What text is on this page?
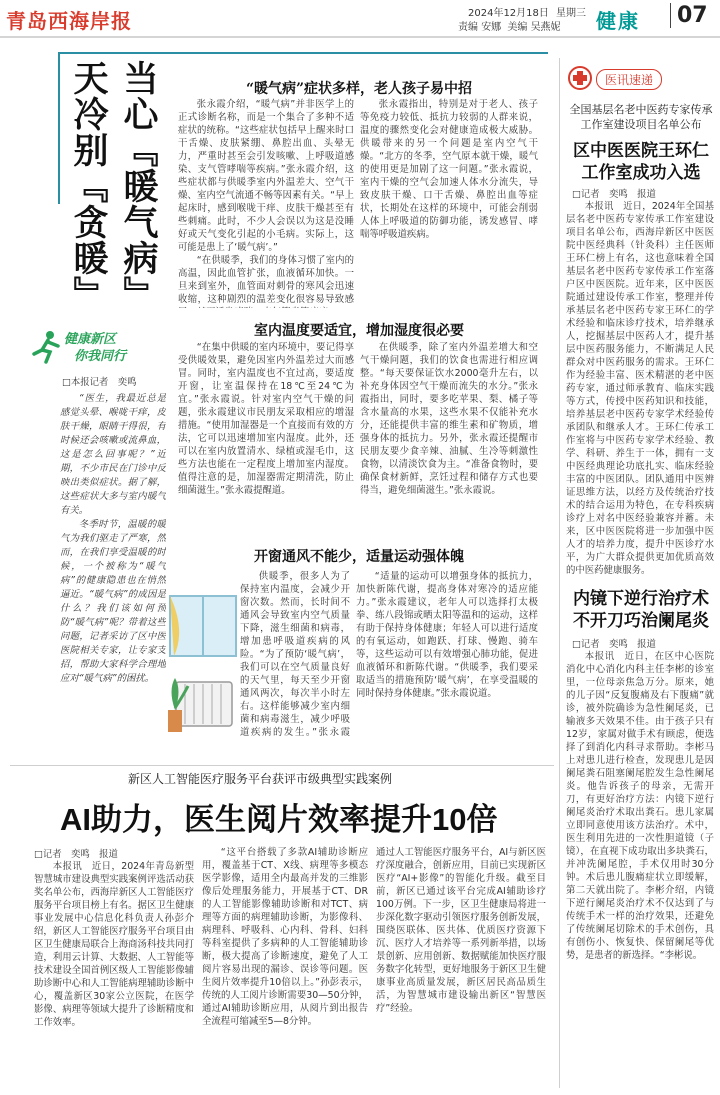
青岛西海岸报	2024年12月18日 星期三
责编 安娜 美编 吴燕妮 健康	07
当心『暖气病』
天冷别『贪暖』
健康新区
你我同行
□本报记者　奕鸣

“医生，我最近总是感觉头晕、喉咙干痒，皮肤干燥，眼睛干得很，有时候还会咳嗽或流鼻血，这是怎么回事呢？”近期，不少市民在门诊中反映出类似症状。据了解，这些症状大多与室内暖气有关。

冬季时节，温暖的暖气为我们驱走了严寒，然而，在我们享受温暖的时候，一个被称为“暖气病”的健康隐患也在悄然逼近。“暖气病”的成因是什么？我们该如何预防“暖气病”呢？带着这些问题，记者采访了区中医医院相关专家，让专家支招，帮助大家科学合理地应对“暖气病”的困扰。

“暖气病”症状多样，老人孩子易中招

张永霞介绍，“暖气病”并非医学上的正式诊断名称，而是一个集合了多种不适症状的统称。“这些症状包括早上醒来时口干舌燥、皮肤紧绷、鼻腔出血、头晕无力，严重时甚至会引发咳嗽、上呼吸道感染、支气管哮喘等疾病。”张永霞介绍，这些症状都与供暖季室内外温差大、空气干燥、室内空气流通不畅等因素有关。“早上起床时，感到喉咙干痒、皮肤干燥甚至有些刺痛。此时，不少人会误以为这是没睡好或天气变化引起的小毛病。实际上，这可能是患上了‘暖气病’。”

“在供暖季，我们的身体习惯了室内的高温，因此血管扩张，血液循环加快。一旦来到室外，血管面对刺骨的寒风会迅速收缩，这种剧烈的温差变化很容易导致感

张永霞指出，特别是对于老人、孩子等免疫力较低、抵抗力较弱的人群来说，温度的骤然变化会对健康造成极大威胁。供暖带来的另一个问题是室内空气干燥。“北方的冬季，空气原本就干燥，暖气的使用更是加剧了这一问题。”张永霞说，室内干燥的空气会加速人体水分流失，导致皮肤干燥、口干舌燥、鼻腔出血等症状，长期处在这样的环境中，可能会削弱人体上呼吸道的防御功能，诱发感冒、哮喘等呼吸道疾病。

室内温度要适宜，增加湿度很必要

“在集中供暖的室内环境中，要记得享受供暖效果，避免因室内外温差过大而感冒。同时，室内温度也不宜过高，要适度开窗，让室温保持在18℃至24℃为宜。”张永霞说。针对室内空气干燥的问题，张永霞建议市民朋友采取相应的增湿措施。“使用加湿器是一个直接而有效的方法，它可以迅速增加室内湿度。此外，还可以在室内放置清水、绿植或湿毛巾，这些方法也能在一定程度上增加室内湿度。值得注意的是，加湿器需定期清洗，防止细菌滋生。”张永霞提醒道。

在供暖季，除了室内外温差增大和空气干燥问题，我们的饮食也需进行相应调整。“每天要保证饮水2000毫升左右，以补充身体因空气干燥而流失的水分。”张永霞指出，同时，要多吃苹果、梨、橘子等含水量高的水果，这些水果不仅能补充水分，还能提供丰富的维生素和矿物质，增强身体的抵抗力。另外，张永霞还提醒市民朋友要少食辛辣、油腻、生冷等刺激性食物，以清淡饮食为主。“准备食物时，要确保食材新鲜，烹饪过程和储存方式也要得当，避免细菌滋生。”张永霞说。

开窗通风不能少，适量运动强体魄

供暖季，很多人为了保持室内温度，会减少开窗次数。然而，长时间不通风会导致室内空气质量下降，滋生细菌和病毒，增加患呼吸道疾病的风险。“为了预防‘暖气病’，我们可以在空气质量良好的天气里，每天至少开窗通风两次，每次半小时左右。这样能够减少室内细菌和病毒滋生，减少呼吸道疾病的发生。”张永霞

“适量的运动可以增强身体的抵抗力，加快新陈代谢，提高身体对寒冷的适应能力。”张永霞建议，老年人可以选择打太极拳、练八段锦或晒太阳等温和的运动，这样有助于保持身体健康；年轻人可以进行适度的有氧运动，如跑跃、打球、慢跑、骑车等，这些运动可以有效增强心肺功能，促进血液循环和新陈代谢。“供暖季，我们要采取适当的措施预防‘暖气病’，在享受温暖的同时保持身体健康。”张永霞说道。

医讯速递
全国基层名老中医药专家传承工作室建设项目名单公布
区中医医院王环仁
工作室成功入选
□记者　奕鸣　报道

本报讯　近日，2024年全国基层名老中医药专家传承工作室建设项目名单公布，西海岸新区中医医院中医经典科（针灸科）主任医师王环仁榜上有名，这也意味着全国基层名老中医药专家传承工作室落户区中医医院。近年来，区中医医院通过建设传承工作室，整理并传承基层名老中医药专家王环仁的学术经验和临床诊疗技术，培养继承人，挖掘基层中医药人才，提升基层中医药服务能力，不断满足人民群众对中医药服务的需求。王环仁作为经验丰富、医术精湛的老中医药专家，通过师承教育、临床实践等方式，传授中医药知识和技能，培养基层老中医药专家学术经验传承团队和继承人才。王环仁传承工作室将与中医药专家学术经验、教学、科研、养生于一体，拥有一支中医经典理论功底扎实、临床经验丰富的中医团队。团队通用中医辨证思维方法，以经方及传统治疗技术的结合运用为特色，在专科疾病诊疗上对名中医经验兼容并蓄。未来，区中医医院将进一步加强中医人才的培养力度，提升中医诊疗水平，为广大群众提供更加优质高效的中医药健康服务。

内镜下逆行治疗术
不开刀巧治阑尾炎
□记者　奕鸣　报道

本报讯　近日，在区中心医院消化中心消化内科主任李彬的诊室里，一位母亲焦急万分。原来，她的儿子因“反复腹痛及右下腹痛”就诊，被外院确诊为急性阑尾炎，已输液多天效果不佳。由于孩子只有12岁，家属对做手术有顾虑，便选择了到消化内科寻求帮助。李彬马上对患儿进行检查，发现患儿是因阑尾粪石阻塞阑尾腔发生急性阑尾炎。他告诉孩子的母亲，无需开刀，有更好治疗方法：内镜下逆行阑尾炎治疗术取出粪石。患儿家属立即同意使用该方法治疗。术中，医生利用先进的一次性胆道镜（子镜），在直视下成功取出多块粪石，并冲洗阑尾腔，手术仅用时30分钟。术后患儿腹痛症状立即缓解，第二天就出院了。李彬介绍，内镜下逆行阑尾炎治疗术不仅达到了与传统手术一样的治疗效果，还避免了传统阑尾切除术的手术创伤，具有创伤小、恢复快、保留阑尾等优势，是患者的新选择。“李彬说。

新区人工智能医疗服务平台获评市级典型实践案例
AI助力，医生阅片效率提升10倍
□记者　奕鸣　报道

本报讯　近日，2024年青岛新型智慧城市建设典型实践案例评选活动获奖名单公布，西海岸新区人工智能医疗服务平台项目榜上有名。据区卫生健康事业发展中心信息化科负责人孙彭介绍，新区人工智能医疗服务平台项目由区卫生健康局联合上海商汤科技共同打造，利用云计算、大数据、人工智能等技术建设全国首例区级人工智能影像辅助诊断中心和人工智能病理辅助诊断中心，覆盖新区30家公立医院，在医学影像、病理等领域大提升了诊断精度和工作效率。

“这平台搭载了多款AI辅助诊断应用，覆盖基于CT、X线、病理等多模态医学影像，适用全内最高并发的三维影像后处理服务能力，开展基于CT、DR的人工智能影像辅助诊断和对TCT、病理等方面的病理辅助诊断，为影像科、病理科、呼吸科、心内科、骨科、妇科等科室提供了多病种的人工智能辅助诊断，极大提高了诊断速度，避免了人工阅片容易出现的漏诊、误诊等问题。医生阅片效率提升10倍以上。”孙彭表示，传统的人工阅片诊断需要30—50分钟，通过AI辅助诊断应用，从阅片到出报告全流程可缩减至5—8分钟。

通过人工智能医疗服务平台，AI与新区医疗深度融合，创新应用，目前已实现新区医疗“AI+影像”的智能化升级。截至目前，新区已通过该平台完成AI辅助诊疗100万例。下一步，区卫生健康局将进一步深化数字驱动引领医疗服务创新发展，围绕医联体、医共体、优质医疗资源下沉、医疗人才培养等一系列新举措，以场景创新、应用创新、数据赋能加快医疗服务数字化转型，更好地服务于新区卫生健康事业高质量发展，新区居民高品质生活，为智慧城市建设输出新区“智慧医疗”经验。
